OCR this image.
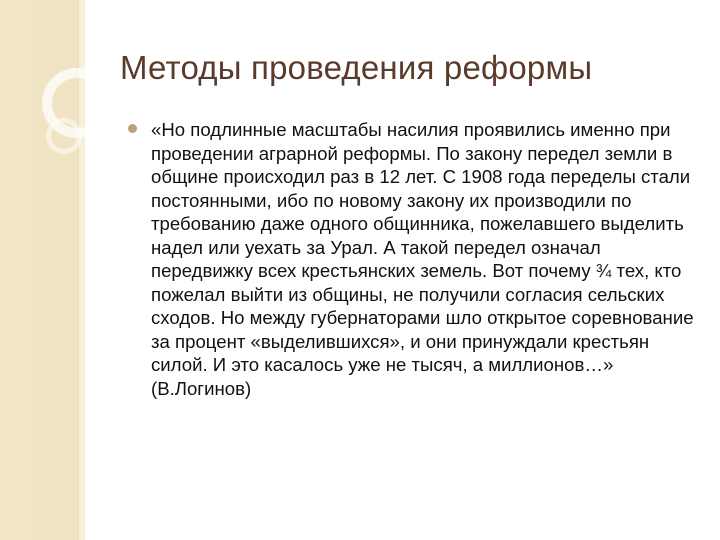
Методы проведения реформы

«Но подлинные масштабы насилия проявились именно при проведении аграрной реформы. По закону передел земли в общине происходил раз в 12 лет. С 1908 года переделы стали постоянными, ибо по новому закону их производили по требованию даже одного общинника, пожелавшего выделить надел или уехать за Урал. А такой передел означал передвижку всех крестьянских земель. Вот почему ¾ тех, кто пожелал выйти из общины, не получили согласия сельских сходов. Но между губернаторами шло открытое соревнование за процент «выделившихся», и они принуждали крестьян силой. И это касалось уже не тысяч, а миллионов…» (В.Логинов)
